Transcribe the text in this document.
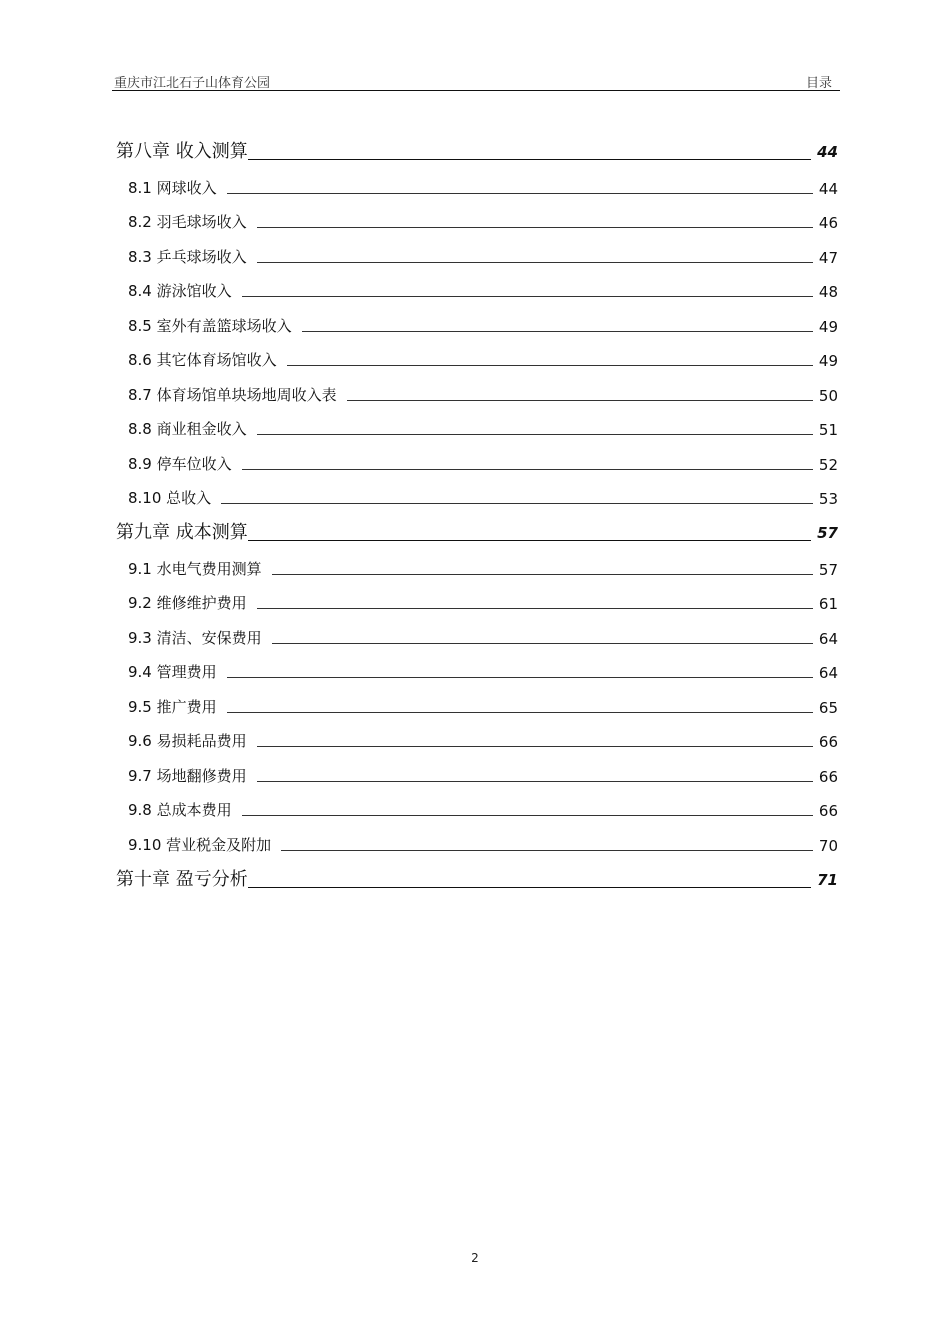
重庆市江北石子山体育公园	目录
第八章 收入测算	44
8.1 网球收入	44
8.2 羽毛球场收入	46
8.3 乒乓球场收入	47
8.4 游泳馆收入	48
8.5 室外有盖篮球场收入	49
8.6 其它体育场馆收入	49
8.7 体育场馆单块场地周收入表	50
8.8 商业租金收入	51
8.9 停车位收入	52
8.10 总收入	53
第九章 成本测算	57
9.1 水电气费用测算	57
9.2 维修维护费用	61
9.3 清洁、安保费用	64
9.4 管理费用	64
9.5 推广费用	65
9.6 易损耗品费用	66
9.7 场地翻修费用	66
9.8 总成本费用	66
9.10 营业税金及附加	70
第十章 盈亏分析	71
2
